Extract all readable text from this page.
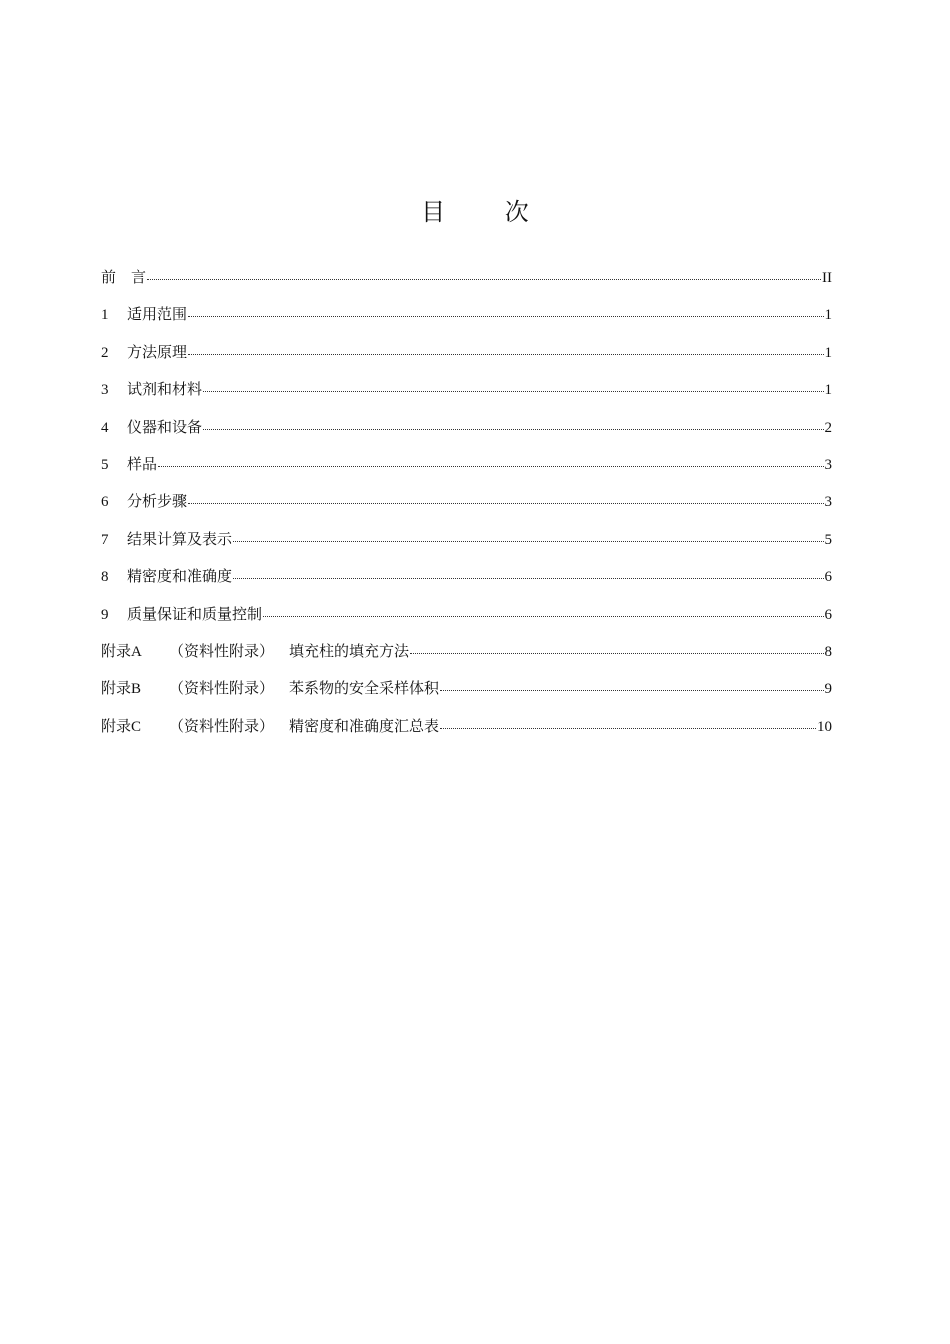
目 次
前　言	II
1	适用范围	1
2	方法原理	1
3	试剂和材料	1
4	仪器和设备	2
5	样品	3
6	分析步骤	3
7	结果计算及表示	5
8	精密度和准确度	6
9	质量保证和质量控制	6
附录A	（资料性附录） 填充柱的填充方法	8
附录B	（资料性附录） 苯系物的安全采样体积	9
附录C	（资料性附录） 精密度和准确度汇总表	10
